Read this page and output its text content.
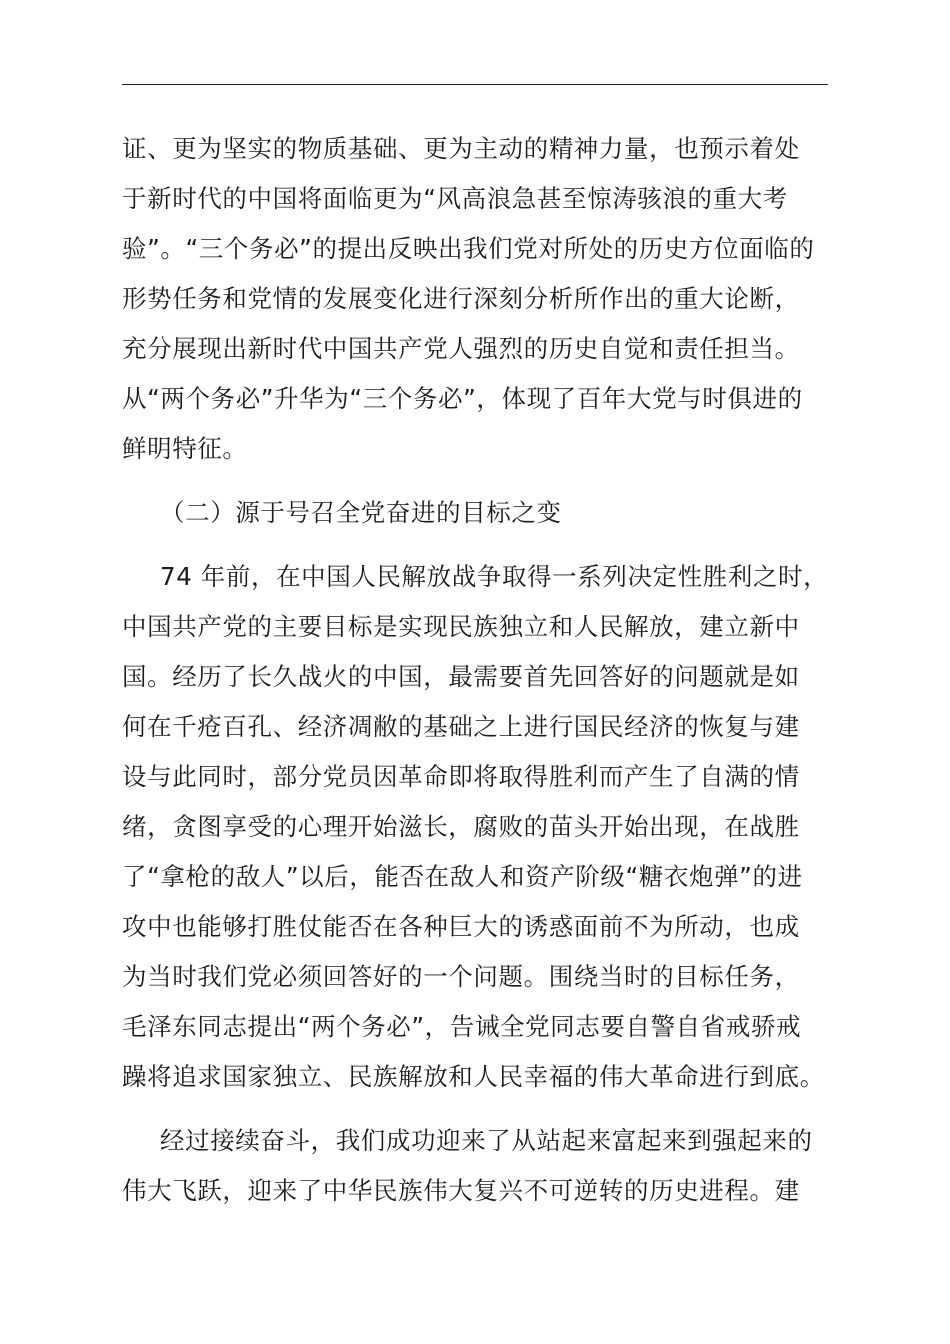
证、更为坚实的物质基础、更为主动的精神力量，也预示着处
于新时代的中国将面临更为“风高浪急甚至惊涛骇浪的重大考
验”。“三个务必”的提出反映出我们党对所处的历史方位面临的
形势任务和党情的发展变化进行深刻分析所作出的重大论断，
充分展现出新时代中国共产党人强烈的历史自觉和责任担当。
从“两个务必”升华为“三个务必”，体现了百年大党与时俱进的
鲜明特征。
（二）源于号召全党奋进的目标之变
74 年前，在中国人民解放战争取得一系列决定性胜利之时，
中国共产党的主要目标是实现民族独立和人民解放，建立新中
国。经历了长久战火的中国，最需要首先回答好的问题就是如
何在千疮百孔、经济凋敝的基础之上进行国民经济的恢复与建
设与此同时，部分党员因革命即将取得胜利而产生了自满的情
绪，贪图享受的心理开始滋长，腐败的苗头开始出现，在战胜
了“拿枪的敌人”以后，能否在敌人和资产阶级“糖衣炮弹”的进
攻中也能够打胜仗能否在各种巨大的诱惑面前不为所动，也成
为当时我们党必须回答好的一个问题。围绕当时的目标任务，
毛泽东同志提出“两个务必”，告诫全党同志要自警自省戒骄戒
躁将追求国家独立、民族解放和人民幸福的伟大革命进行到底。
经过接续奋斗，我们成功迎来了从站起来富起来到强起来的
伟大飞跃，迎来了中华民族伟大复兴不可逆转的历史进程。建
